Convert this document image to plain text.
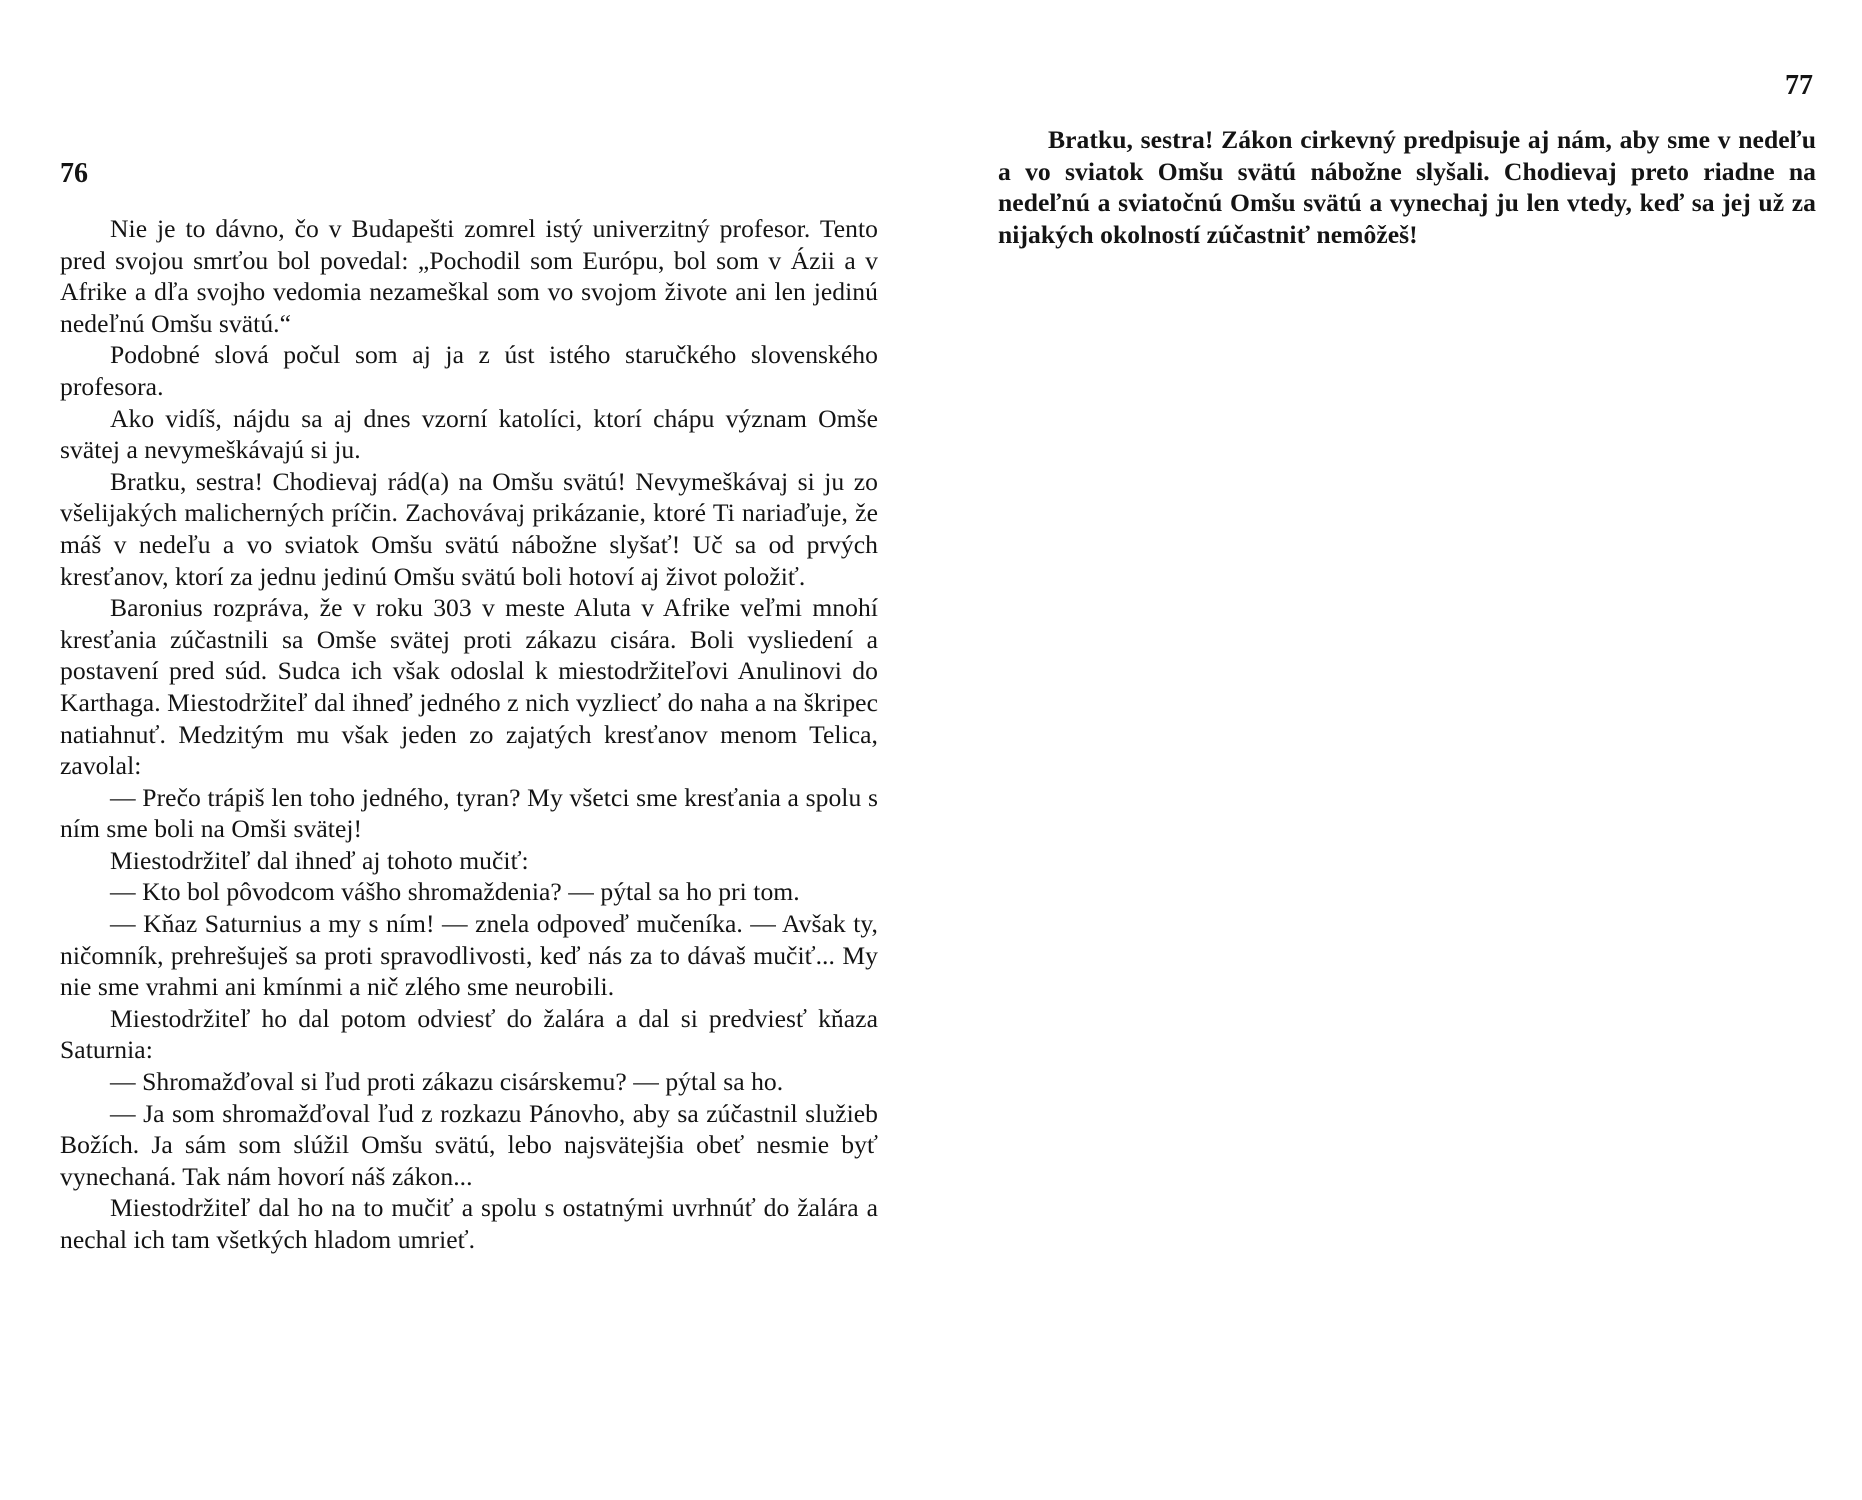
76

Nie je to dávno, čo v Budapešti zomrel istý univerzitný profesor. Tento pred svojou smrťou bol povedal: „Pochodil som Európu, bol som v Ázii a v Afrike a dľa svojho vedomia nezameškal som vo svojom živote ani len jedinú nedeľnú Omšu svätú.“

Podobné slová počul som aj ja z úst istého staručkého slovenského profesora.

Ako vidíš, nájdu sa aj dnes vzorní katolíci, ktorí chápu význam Omše svätej a nevymeškávajú si ju.

Bratku, sestra! Chodievaj rád(a) na Omšu svätú! Nevymeškávaj si ju zo všelijakých malicherných príčin. Zachovávaj prikázanie, ktoré Ti nariaďuje, že máš v nedeľu a vo sviatok Omšu svätú nábožne slyšať! Uč sa od prvých kresťanov, ktorí za jednu jedinú Omšu svätú boli hotoví aj život položiť.

Baronius rozpráva, že v roku 303 v meste Aluta v Afrike veľmi mnohí kresťania zúčastnili sa Omše svätej proti zákazu cisára. Boli vysliedení a postavení pred súd. Sudca ich však odoslal k miestodržiteľovi Anulinovi do Karthaga. Miestodržiteľ dal ihneď jedného z nich vyzliecť do naha a na škripec natiahnuť. Medzitým mu však jeden zo zajatých kresťanov menom Telica, zavolal:

— Prečo trápiš len toho jedného, tyran? My všetci sme kresťania a spolu s ním sme boli na Omši svätej!

Miestodržiteľ dal ihneď aj tohoto mučiť:

— Kto bol pôvodcom vášho shromaždenia? — pýtal sa ho pri tom.

— Kňaz Saturnius a my s ním! — znela odpoveď mučeníka. — Avšak ty, ničomník, prehrešuješ sa proti spravodlivosti, keď nás za to dávaš mučiť... My nie sme vrahmi ani kmínmi a nič zlého sme neurobili.

Miestodržiteľ ho dal potom odviesť do žalára a dal si predviesť kňaza Saturnia:

— Shromažďoval si ľud proti zákazu cisárskemu? — pýtal sa ho.

— Ja som shromažďoval ľud z rozkazu Pánovho, aby sa zúčastnil služieb Božích. Ja sám som slúžil Omšu svätú, lebo najsvätejšia obeť nesmie byť vynechaná. Tak nám hovorí náš zákon...

Miestodržiteľ dal ho na to mučiť a spolu s ostatnými uvrhnúť do žalára a nechal ich tam všetkých hladom umrieť.

77

Bratku, sestra! Zákon cirkevný predpisuje aj nám, aby sme v nedeľu a vo sviatok Omšu svätú nábožne slyšali. Chodievaj preto riadne na nedeľnú a sviatočnú Omšu svätú a vynechaj ju len vtedy, keď sa jej už za nijakých okolností zúčastniť nemôžeš!
